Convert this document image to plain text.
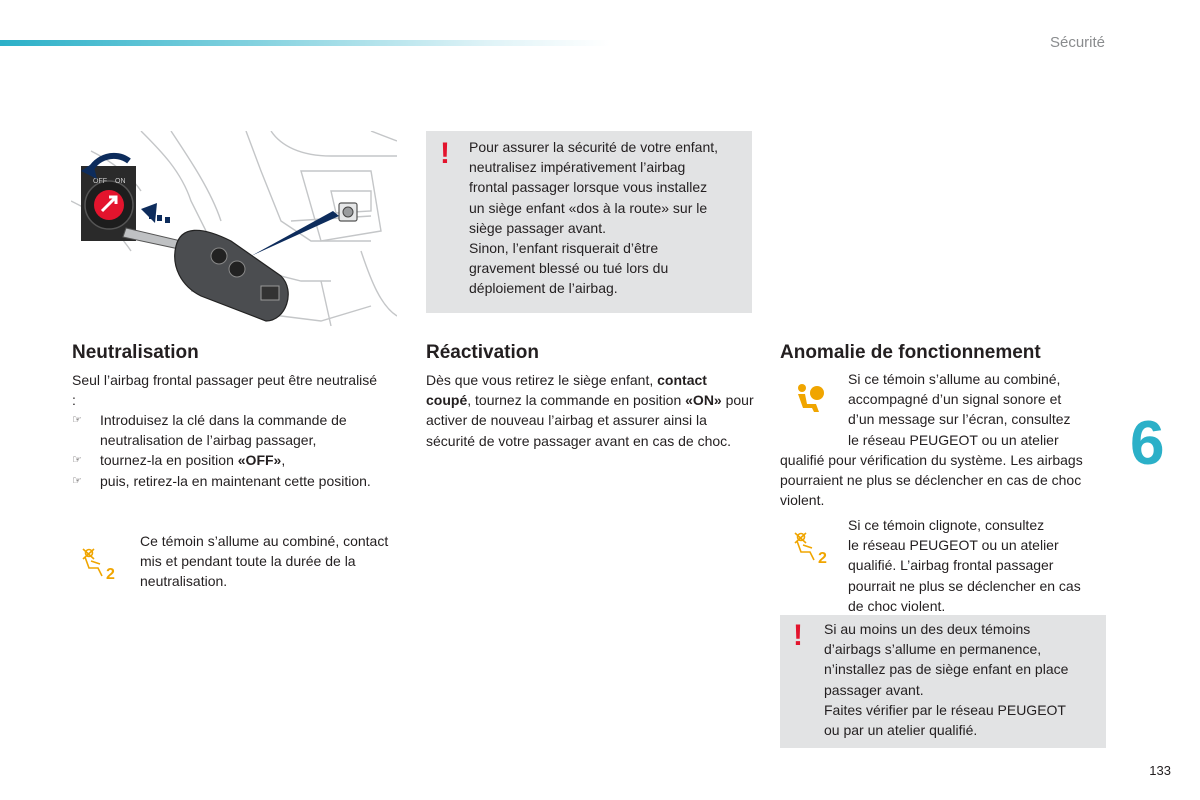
Sécurité
6
133
OFF ON
! Pour assurer la sécurité de votre enfant,
neutralisez impérativement l’airbag
frontal passager lorsque vous installez
un siège enfant «dos à la route» sur le
siège passager avant.
Sinon, l’enfant risquerait d’être
gravement blessé ou tué lors du
déploiement de l’airbag.
Neutralisation

Seul l’airbag frontal passager peut être neutralisé :

☞ Introduisez la clé dans la commande de neutralisation de l’airbag passager,
☞ tournez-la en position «OFF»,
☞ puis, retirez-la en maintenant cette position.
2

Ce témoin s’allume au combiné, contact mis et pendant toute la durée de la neutralisation.

Réactivation

Dès que vous retirez le siège enfant, contact coupé, tournez la commande en position «ON» pour activer de nouveau l’airbag et assurer ainsi la sécurité de votre passager avant en cas de choc.

Anomalie de fonctionnement
Si ce témoin s’allume au combiné,
accompagné d’un signal sonore et
d’un message sur l’écran, consultez
le réseau PEUGEOT ou un atelier

qualifié pour vérification du système. Les airbags pourraient ne plus se déclencher en cas de choc violent.

2
Si ce témoin clignote, consultez
le réseau PEUGEOT ou un atelier
qualifié. L’airbag frontal passager
pourrait ne plus se déclencher en cas
de choc violent.
! Si au moins un des deux témoins
d’airbags s’allume en permanence,
n’installez pas de siège enfant en place
passager avant.
Faites vérifier par le réseau PEUGEOT
ou par un atelier qualifié.
